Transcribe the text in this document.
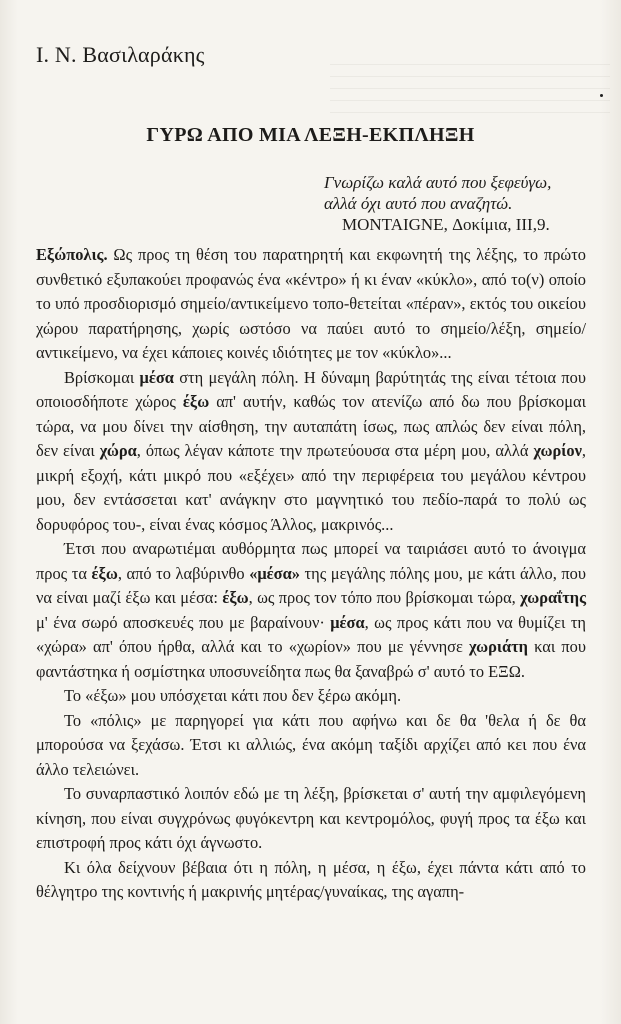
Ι. Ν. Βασιλαράκης
ΓΥΡΩ ΑΠΟ ΜΙΑ ΛΕΞΗ-ΕΚΠΛΗΞΗ
Γνωρίζω καλά αυτό που ξεφεύγω,
αλλά όχι αυτό που αναζητώ.
MONTAIGNE, Δοκίμια, III,9.

Εξώπολις. Ως προς τη θέση του παρατηρητή και εκφωνητή της λέξης, το πρώτο συνθετικό εξυπακούει προφανώς ένα «κέντρο» ή κι έναν «κύκλο», από το(ν) οποίο το υπό προσδιορισμό σημείο/αντικείμενο τοπο-θετείται «πέραν», εκτός του οικείου χώρου παρατήρησης, χωρίς ωστόσο να παύει αυτό το σημείο/λέξη, σημείο/αντικείμενο, να έχει κάποιες κοινές ιδιότητες με τον «κύκλο»...

Βρίσκομαι μέσα στη μεγάλη πόλη. Η δύναμη βαρύτητάς της είναι τέτοια που οποιοσδήποτε χώρος έξω απ' αυτήν, καθώς τον ατενίζω από δω που βρίσκομαι τώρα, να μου δίνει την αίσθηση, την αυταπάτη ίσως, πως απλώς δεν είναι πόλη, δεν είναι χώρα, όπως λέγαν κάποτε την πρωτεύουσα στα μέρη μου, αλλά χωρίον, μικρή εξοχή, κάτι μικρό που «εξέχει» από την περιφέρεια του μεγάλου κέντρου μου, δεν εντάσσεται κατ' ανάγκην στο μαγνητικό του πεδίο-παρά το πολύ ως δορυφόρος του-, είναι ένας κόσμος Άλλος, μακρινός...

Έτσι που αναρωτιέμαι αυθόρμητα πως μπορεί να ταιριάσει αυτό το άνοιγμα προς τα έξω, από το λαβύρινθο «μέσα» της μεγάλης πόλης μου, με κάτι άλλο, που να είναι μαζί έξω και μέσα: έξω, ως προς τον τόπο που βρίσκομαι τώρα, χωραΐτης μ' ένα σωρό αποσκευές που με βαραίνουν· μέσα, ως προς κάτι που να θυμίζει τη «χώρα» απ' όπου ήρθα, αλλά και το «χωρίον» που με γέννησε χωριάτη και που φαντάστηκα ή οσμίστηκα υποσυνείδητα πως θα ξαναβρώ σ' αυτό το ΕΞΩ.

Το «έξω» μου υπόσχεται κάτι που δεν ξέρω ακόμη.

Το «πόλις» με παρηγορεί για κάτι που αφήνω και δε θα 'θελα ή δε θα μπορούσα να ξεχάσω. Έτσι κι αλλιώς, ένα ακόμη ταξίδι αρχίζει από κει που ένα άλλο τελειώνει.

Το συναρπαστικό λοιπόν εδώ με τη λέξη, βρίσκεται σ' αυτή την αμφιλεγόμενη κίνηση, που είναι συγχρόνως φυγόκεντρη και κεντρομόλος, φυγή προς τα έξω και επιστροφή προς κάτι όχι άγνωστο.

Κι όλα δείχνουν βέβαια ότι η πόλη, η μέσα, η έξω, έχει πάντα κάτι από το θέλγητρο της κοντινής ή μακρινής μητέρας/γυναίκας, της αγαπη-
